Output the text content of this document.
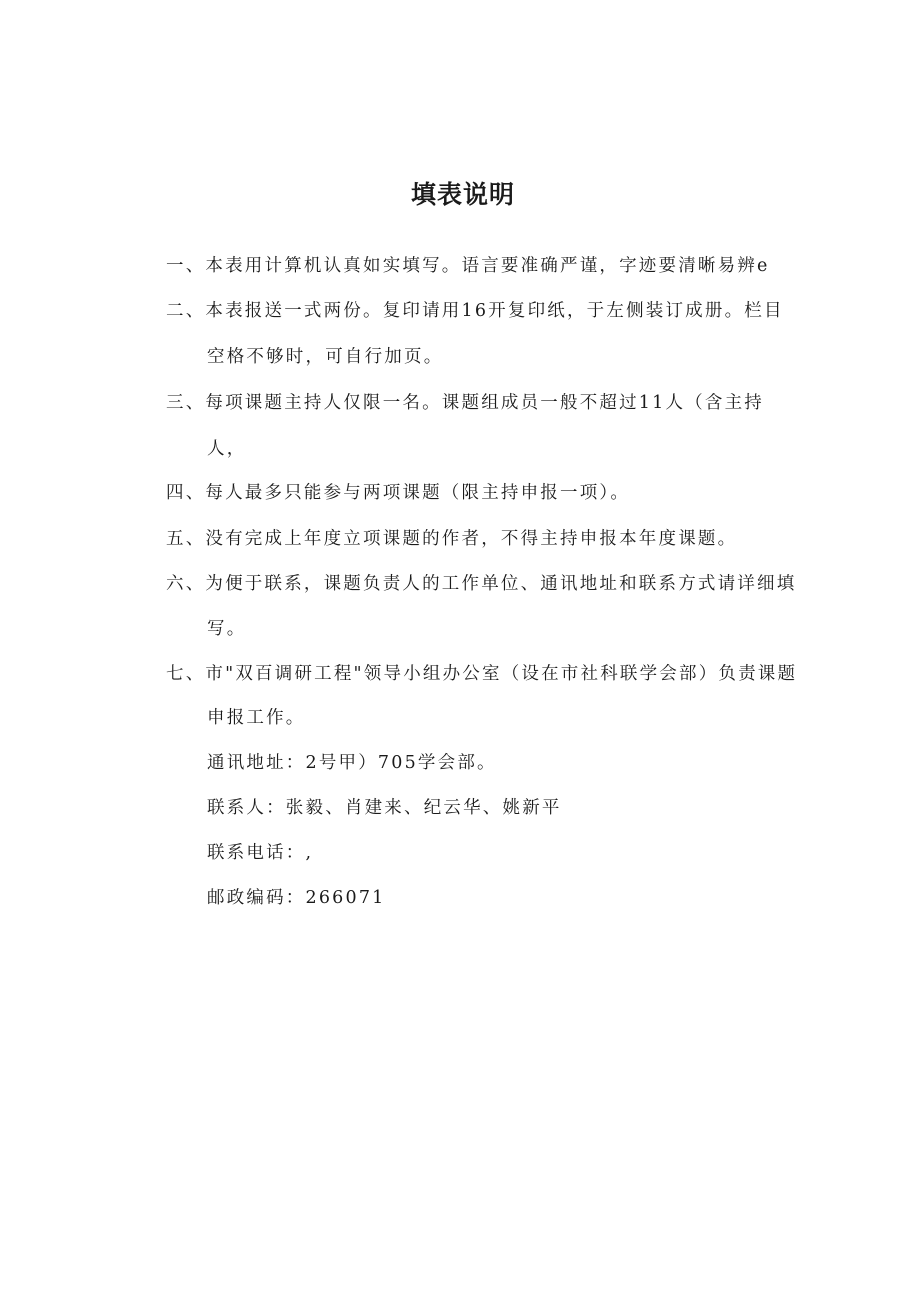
填表说明
一、本表用计算机认真如实填写。语言要准确严谨，字迹要清晰易辨e
二、本表报送一式两份。复印请用16开复印纸，于左侧装订成册。栏目
空格不够时，可自行加页。
三、每项课题主持人仅限一名。课题组成员一般不超过11人（含主持
人，
四、每人最多只能参与两项课题（限主持申报一项）。
五、没有完成上年度立项课题的作者，不得主持申报本年度课题。
六、为便于联系，课题负责人的工作单位、通讯地址和联系方式请详细填
写。
七、市"双百调研工程"领导小组办公室（设在市社科联学会部）负责课题
申报工作。
通讯地址：2号甲）705学会部。
联系人：张毅、肖建来、纪云华、姚新平
联系电话：,
邮政编码：266071
